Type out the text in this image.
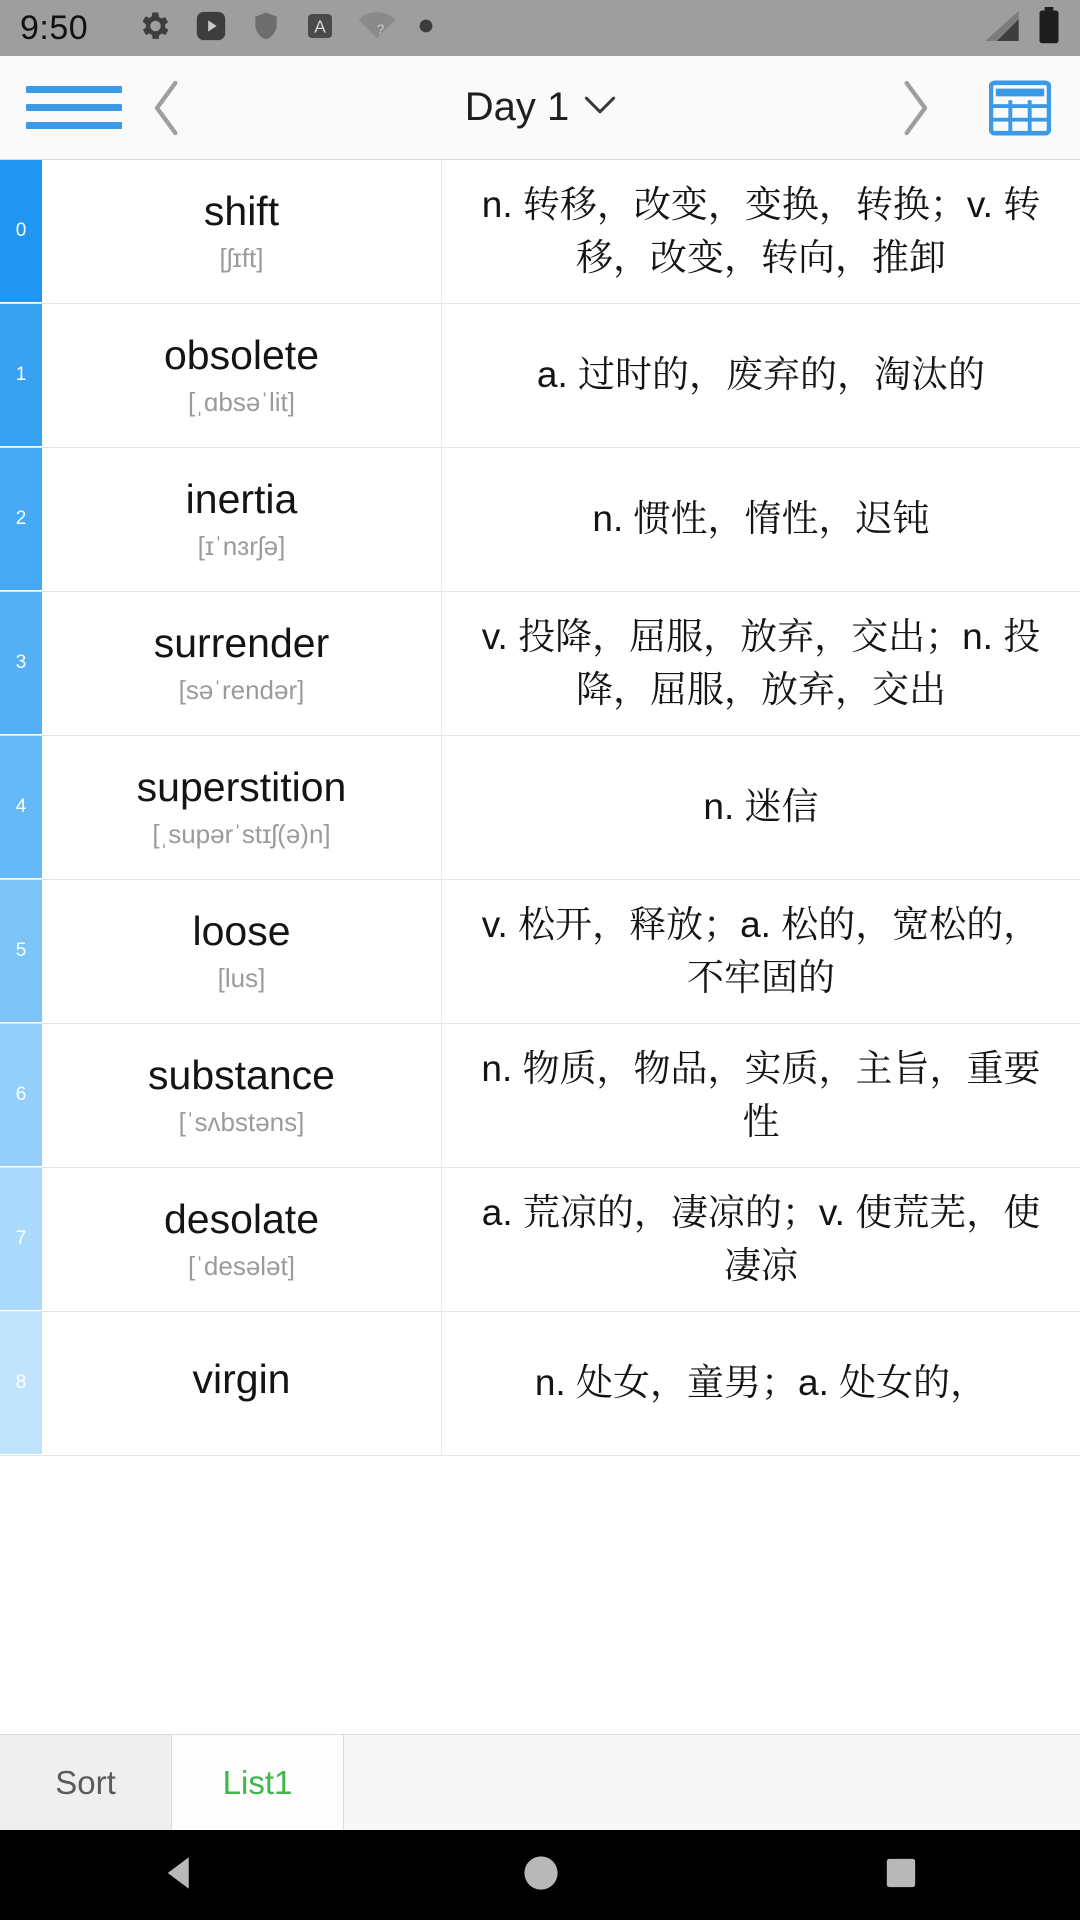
9:50	A	?
Day 1
0	shift
[ʃɪft]
n. 转移，改变，变换，转换；v. 转移，改变，转向，推卸
1	obsolete
[ˌɑbsəˈlit]
a. 过时的，废弃的，淘汰的
2	inertia
[ɪˈnɜrʃə]
n. 惯性，惰性，迟钝
3	surrender
[səˈrendər]
v. 投降，屈服，放弃，交出；n. 投降，屈服，放弃，交出
4	superstition
[ˌsupərˈstɪʃ(ə)n]
n. 迷信
5	loose
[lus]
v. 松开，释放；a. 松的，宽松的，不牢固的
6	substance
[ˈsʌbstəns]
n. 物质，物品，实质，主旨，重要性
7	desolate
[ˈdesələt]
a. 荒凉的，凄凉的；v. 使荒芜，使凄凉
8	virgin	n. 处女，童男；a. 处女的，
Sort	List1
